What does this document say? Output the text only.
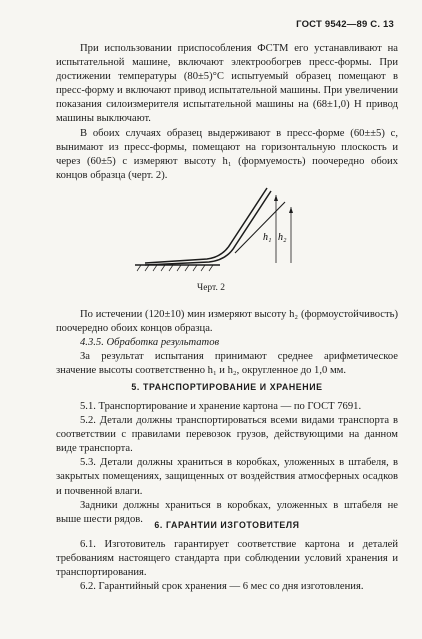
ГОСТ 9542—89 С. 13

При использовании приспособления ФСТМ его устанавливают на испытательной машине, включают электрообогрев пресс-формы. При достижении температуры (80±5)°С испытуемый образец помещают в пресс-форму и включают привод испытательной машины. При увеличении показания силоизмерителя испытательной машины на (68±1,0) Н привод машины выключают.

В обоих случаях образец выдерживают в пресс-форме (60±±5) с, вынимают из пресс-формы, помещают на горизонтальную плоскость и через (60±5) с измеряют высоту h₁ (формуемость) поочередно обоих концов образца (черт. 2).

h₁ h₂
Черт. 2

По истечении (120±10) мин измеряют высоту h₂ (формоустойчивость) поочередно обоих концов образца.

4.3.5. Обработка результатов

За результат испытания принимают среднее арифметическое значение высоты соответственно h₁ и h₂, округленное до 1,0 мм.

5. ТРАНСПОРТИРОВАНИЕ И ХРАНЕНИЕ

5.1. Транспортирование и хранение картона — по ГОСТ 7691.

5.2. Детали должны транспортироваться всеми видами транспорта в соответствии с правилами перевозок грузов, действующими на данном виде транспорта.

5.3. Детали должны храниться в коробках, уложенных в штабеля, в закрытых помещениях, защищенных от воздействия атмосферных осадков и почвенной влаги.

Задники должны храниться в коробках, уложенных в штабеля не выше шести рядов.

6. ГАРАНТИИ ИЗГОТОВИТЕЛЯ

6.1. Изготовитель гарантирует соответствие картона и деталей требованиям настоящего стандарта при соблюдении условий хранения и транспортирования.

6.2. Гарантийный срок хранения — 6 мес со дня изготовления.
